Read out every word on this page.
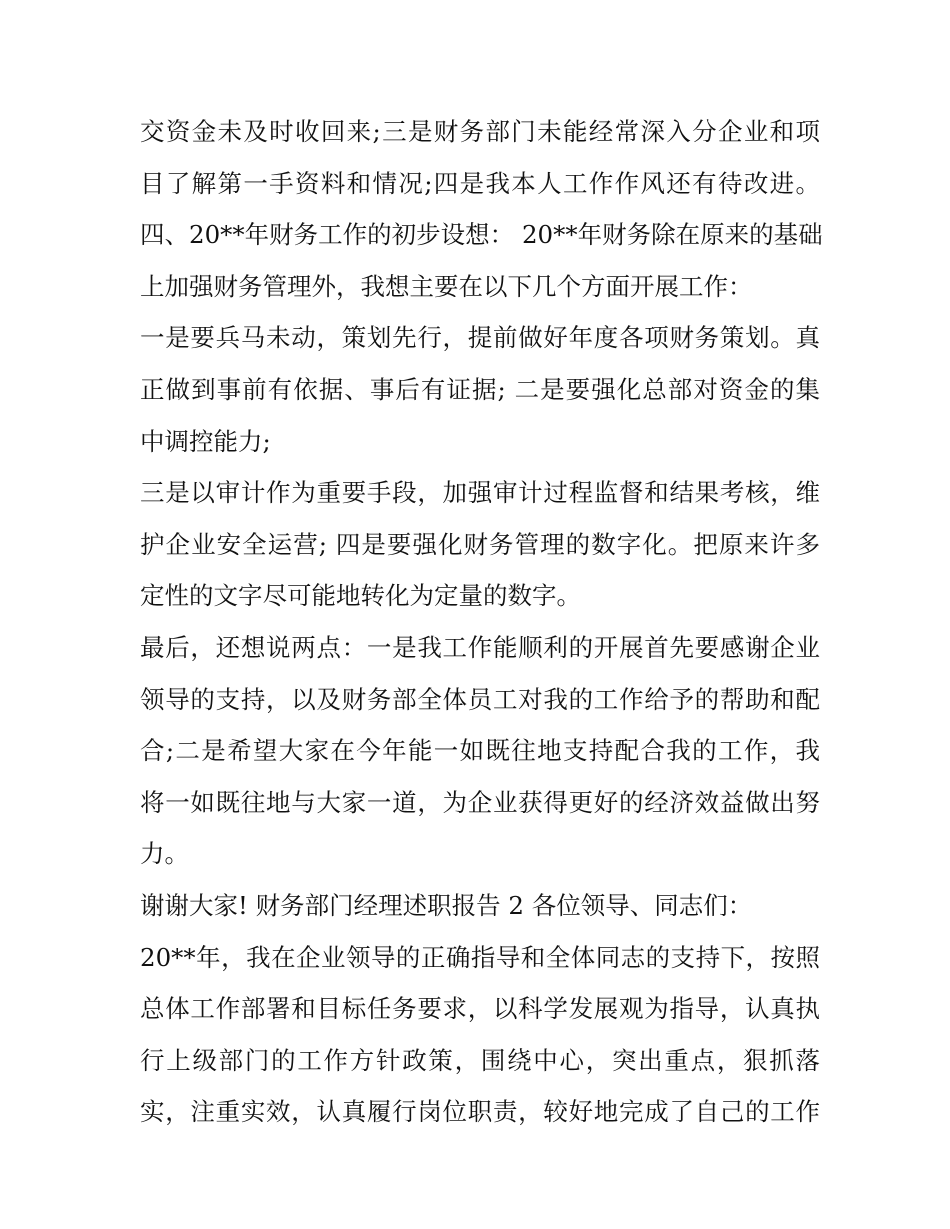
交资金未及时收回来;三是财务部门未能经常深入分企业和项
目了解第一手资料和情况;四是我本人工作作风还有待改进。
四、20**年财务工作的初步设想： 20**年财务除在原来的基础
上加强财务管理外，我想主要在以下几个方面开展工作：
一是要兵马未动，策划先行，提前做好年度各项财务策划。真
正做到事前有依据、事后有证据; 二是要强化总部对资金的集
中调控能力;
三是以审计作为重要手段，加强审计过程监督和结果考核，维
护企业安全运营; 四是要强化财务管理的数字化。把原来许多
定性的文字尽可能地转化为定量的数字。
最后，还想说两点：一是我工作能顺利的开展首先要感谢企业
领导的支持，以及财务部全体员工对我的工作给予的帮助和配
合;二是希望大家在今年能一如既往地支持配合我的工作，我
将一如既往地与大家一道，为企业获得更好的经济效益做出努
力。
谢谢大家! 财务部门经理述职报告 2 各位领导、同志们：
20**年，我在企业领导的正确指导和全体同志的支持下，按照
总体工作部署和目标任务要求，以科学发展观为指导，认真执
行上级部门的工作方针政策，围绕中心，突出重点，狠抓落
实，注重实效，认真履行岗位职责，较好地完成了自己的工作
